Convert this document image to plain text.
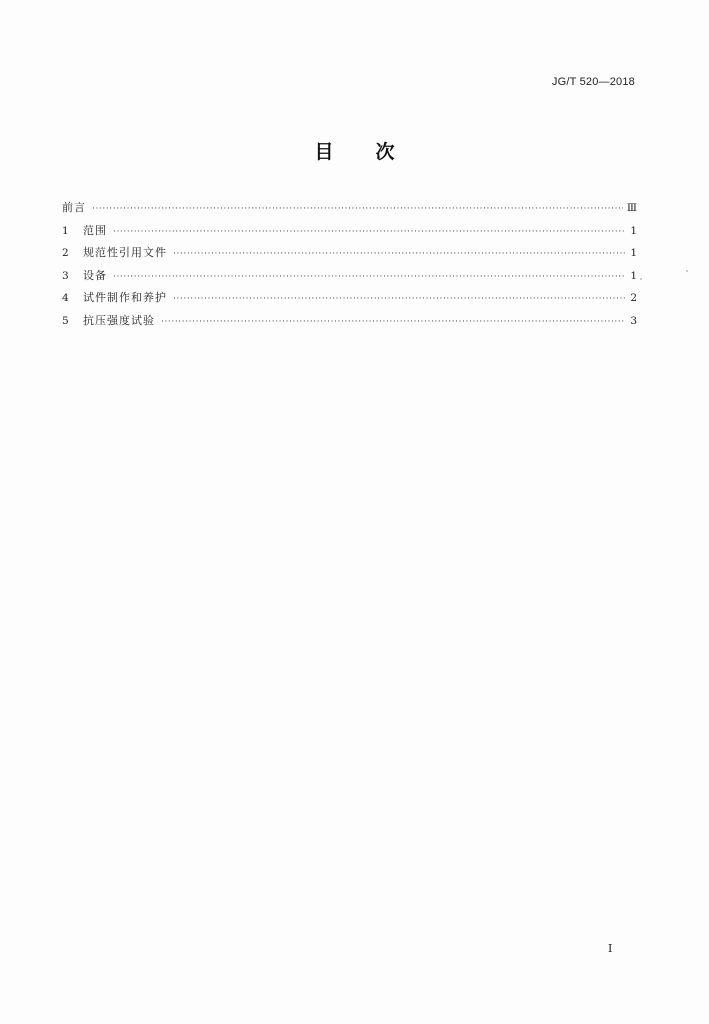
JG/T 520—2018
目次
前言 ·····	Ⅲ
1	范围 ·····	1
2	规范性引用文件 ·····	1
3	设备 ·····	1
4	试件制作和养护 ·····	2
5	抗压强度试验 ·····	3
Ⅰ
